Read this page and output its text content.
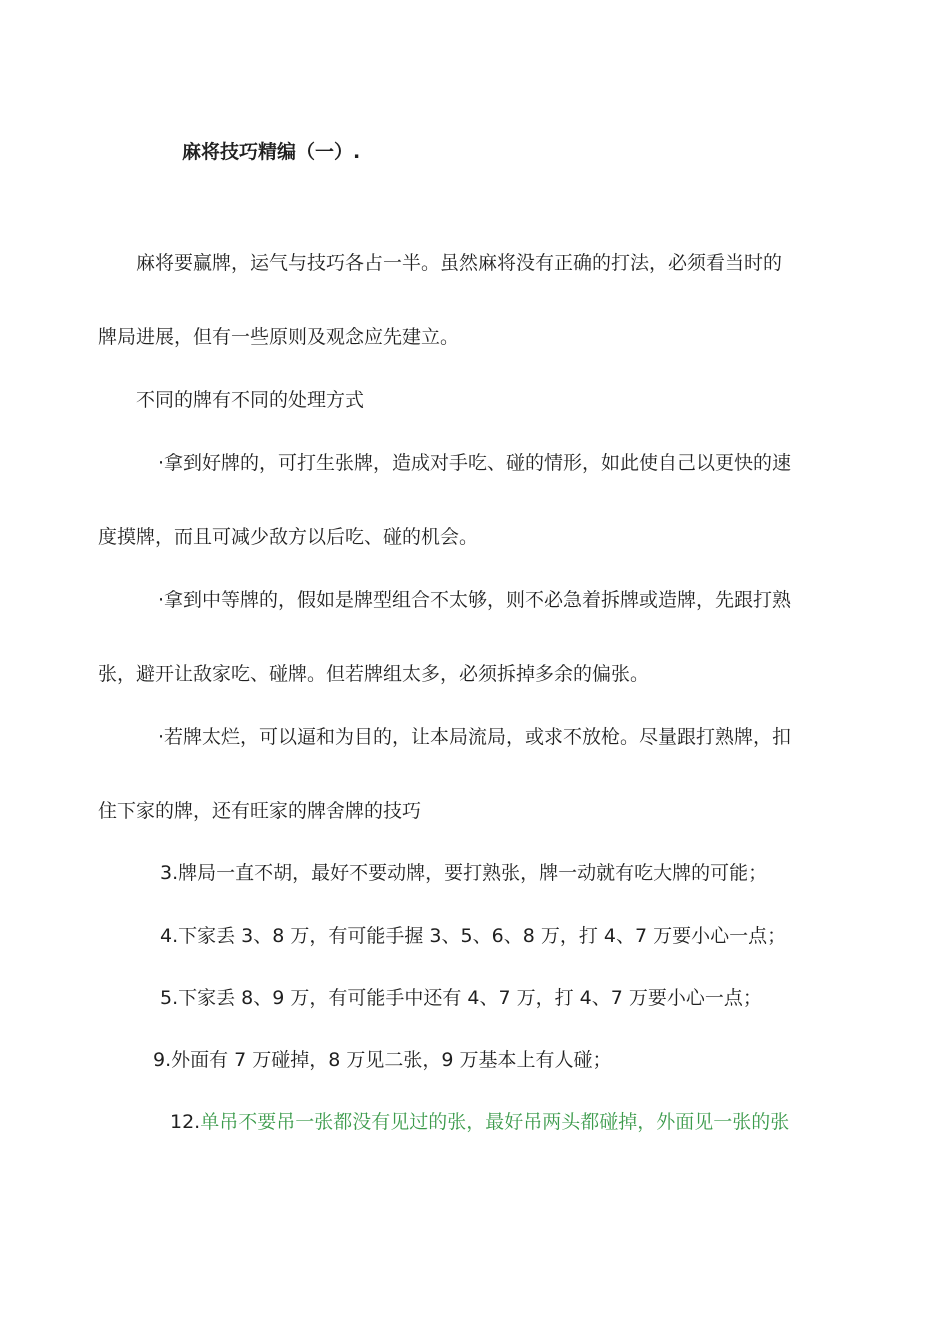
麻将技巧精编（一）.
麻将要赢牌，运气与技巧各占一半。虽然麻将没有正确的打法，必须看当时的
牌局进展，但有一些原则及观念应先建立。
不同的牌有不同的处理方式
·拿到好牌的，可打生张牌，造成对手吃、碰的情形，如此使自己以更快的速
度摸牌，而且可减少敌方以后吃、碰的机会。
·拿到中等牌的，假如是牌型组合不太够，则不必急着拆牌或造牌，先跟打熟
张，避开让敌家吃、碰牌。但若牌组太多，必须拆掉多余的偏张。
·若牌太烂，可以逼和为目的，让本局流局，或求不放枪。尽量跟打熟牌，扣
住下家的牌，还有旺家的牌舍牌的技巧
3.牌局一直不胡，最好不要动牌，要打熟张，牌一动就有吃大牌的可能；
4.下家丢 3、8 万，有可能手握 3、5、6、8 万，打 4、7 万要小心一点；
5.下家丢 8、9 万，有可能手中还有 4、7 万，打 4、7 万要小心一点；
9.外面有 7 万碰掉，8 万见二张，9 万基本上有人碰；
12.单吊不要吊一张都没有见过的张，最好吊两头都碰掉，外面见一张的张
